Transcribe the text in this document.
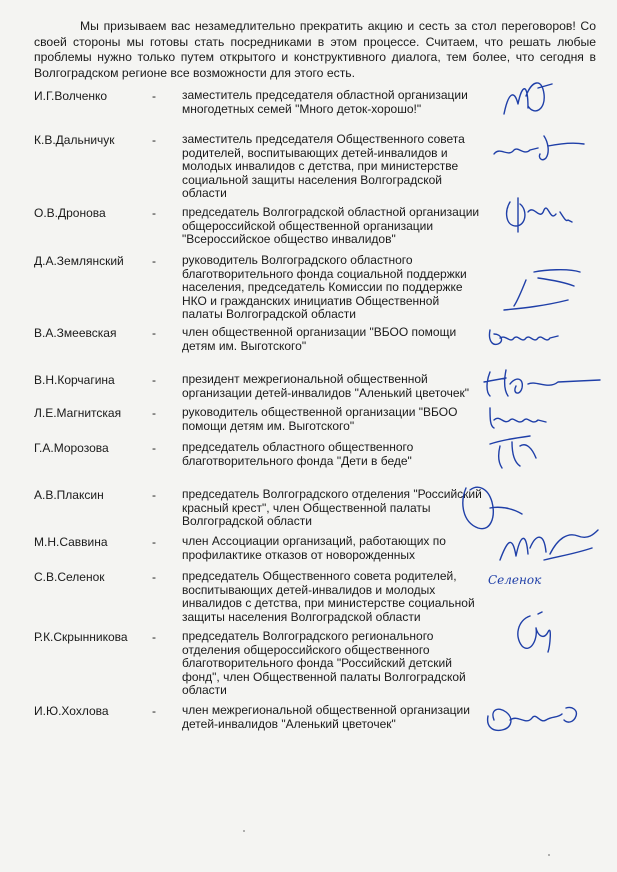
Мы призываем вас незамедлительно прекратить акцию и сесть за стол переговоров! Со своей стороны мы готовы стать посредниками в этом процессе. Считаем, что решать любые проблемы нужно только путем открытого и конструктивного диалога, тем более, что сегодня в Волгоградском регионе все возможности для этого есть.

И.Г.Волченко	- заместитель председателя областной организации многодетных семей "Много деток-хорошо!"
К.В.Дальничук	- заместитель председателя Общественного совета родителей, воспитывающих детей-инвалидов и молодых инвалидов с детства, при министерстве социальной защиты населения Волгоградской области
О.В.Дронова	- председатель Волгоградской областной организации общероссийской общественной организации "Всероссийское общество инвалидов"
Д.А.Землянский - руководитель Волгоградского областного благотворительного фонда социальной поддержки населения, председатель Комиссии по поддержке НКО и гражданских инициатив Общественной палаты Волгоградской области
В.А.Змеевская	- член общественной организации "ВБОО помощи детям им. Выготского"
В.Н.Корчагина	- президент межрегиональной общественной организации детей-инвалидов "Аленький цветочек"
Л.Е.Магнитская	- руководитель общественной организации "ВБОО помощи детям им. Выготского"
Г.А.Морозова	- председатель областного общественного благотворительного фонда "Дети в беде"
А.В.Плаксин	- председатель Волгоградского отделения "Российский красный крест", член Общественной палаты Волгоградской области
М.Н.Саввина	- член Ассоциации организаций, работающих по профилактике отказов от новорожденных
С.В.Селенок	- председатель Общественного совета родителей, воспитывающих детей-инвалидов и молодых инвалидов с детства, при министерстве социальной защиты населения Волгоградской области
Р.К.Скрынникова - председатель Волгоградского регионального отделения общероссийского общественного благотворительного фонда "Российский детский фонд", член Общественной палаты Волгоградской области
И.Ю.Хохлова	- член межрегиональной общественной организации детей-инвалидов "Аленький цветочек"
Селенок
